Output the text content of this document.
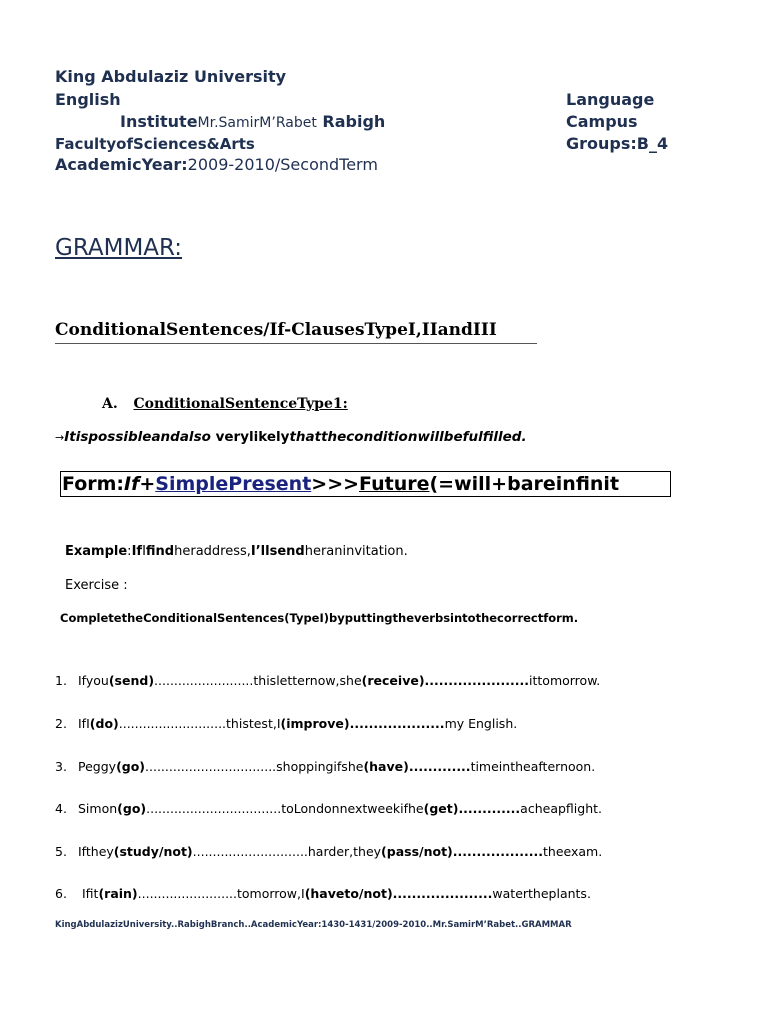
King Abdulaziz University
English
InstituteMr.SamirM’Rabet Rabigh
FacultyofSciences&Arts
AcademicYear:2009-2010/SecondTerm
Language
Campus
Groups:B_4
GRAMMAR:
ConditionalSentences/If-ClausesTypeI,IIandIII
A. ConditionalSentenceType1:
→Itispossibleandalso verylikelythattheconditionwillbefulfilled.
Form:If+SimplePresent>>>Future(=will+bareinfinit
Example:IfIfindheraddress,I’llsendheraninvitation.
Exercise :
CompletetheConditionalSentences(TypeI)byputtingtheverbsintothecorrectform.
1. Ifyou(send).........................thisletternow,she(receive)......................ittomorrow.
2. IfI(do)...........................thistest,I(improve)....................my English.
3. Peggy(go).................................shoppingifshe(have).............timeintheafternoon.
4. Simon(go)..................................toLondonnextweekifhe(get).............acheapflight.
5. Ifthey(study/not).............................harder,they(pass/not)...................theexam.
6. Ifit(rain).........................tomorrow,I(haveto/not).....................watertheplants.
KingAbdulazizUniversity..RabighBranch..AcademicYear:1430-1431/2009-2010..Mr.SamirM’Rabet..GRAMMAR
